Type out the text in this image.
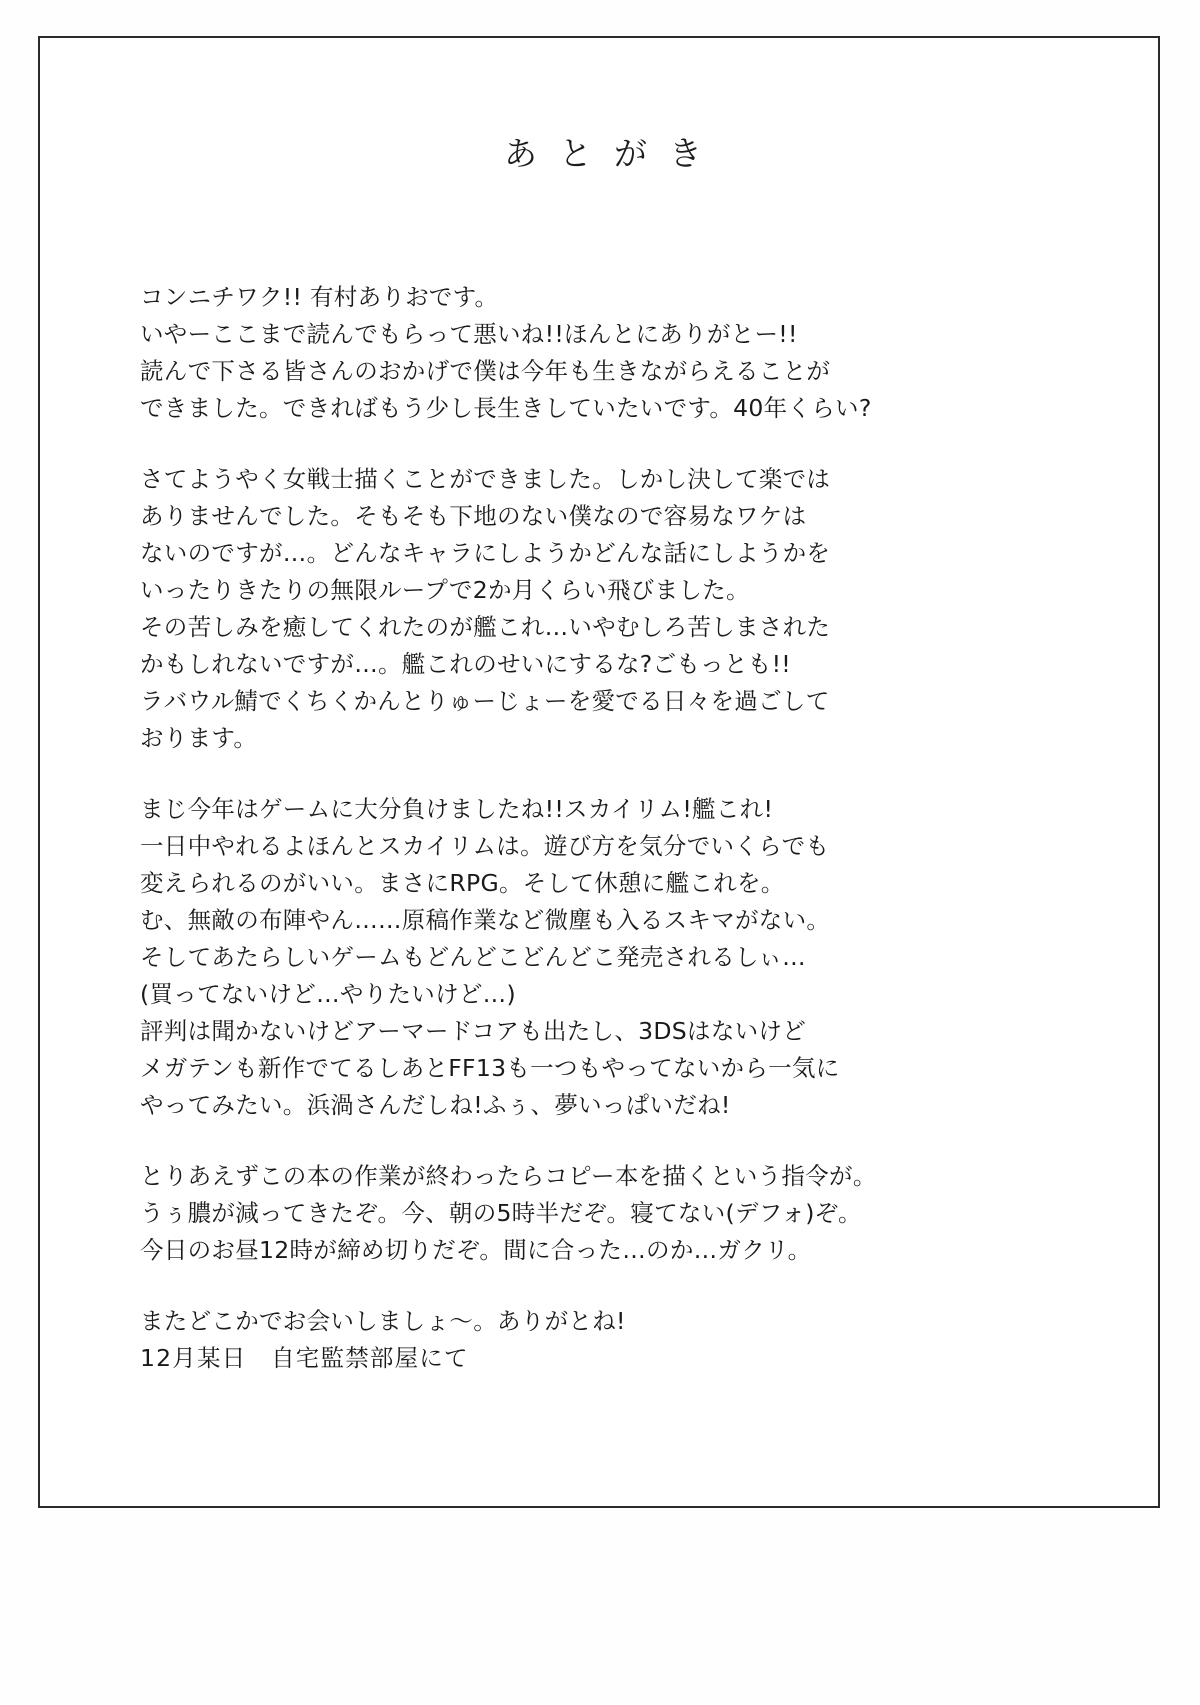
あとがき
コンニチワク!! 有村ありおです。
いやーここまで読んでもらって悪いね!!ほんとにありがとー!!
読んで下さる皆さんのおかげで僕は今年も生きながらえることが
できました。できればもう少し長生きしていたいです。40年くらい?
さてようやく女戦士描くことができました。しかし決して楽では
ありませんでした。そもそも下地のない僕なので容易なワケは
ないのですが…。どんなキャラにしようかどんな話にしようかを
いったりきたりの無限ループで2か月くらい飛びました。
その苦しみを癒してくれたのが艦これ…いやむしろ苦しまされた
かもしれないですが…。艦これのせいにするな?ごもっとも!!
ラバウル鯖でくちくかんとりゅーじょーを愛でる日々を過ごして
おります。
まじ今年はゲームに大分負けましたね!!スカイリム!艦これ!
一日中やれるよほんとスカイリムは。遊び方を気分でいくらでも
変えられるのがいい。まさにRPG。そして休憩に艦これを。
む、無敵の布陣やん……原稿作業など微塵も入るスキマがない。
そしてあたらしいゲームもどんどこどんどこ発売されるしぃ…
(買ってないけど…やりたいけど…)
評判は聞かないけどアーマードコアも出たし、3DSはないけど
メガテンも新作でてるしあとFF13も一つもやってないから一気に
やってみたい。浜渦さんだしね!ふぅ、夢いっぱいだね!
とりあえずこの本の作業が終わったらコピー本を描くという指令が。
うぅ膿が減ってきたぞ。今、朝の5時半だぞ。寝てない(デフォ)ぞ。
今日のお昼12時が締め切りだぞ。間に合った…のか…ガクリ。
またどこかでお会いしましょ〜。ありがとね!
12月某日　自宅監禁部屋にて
